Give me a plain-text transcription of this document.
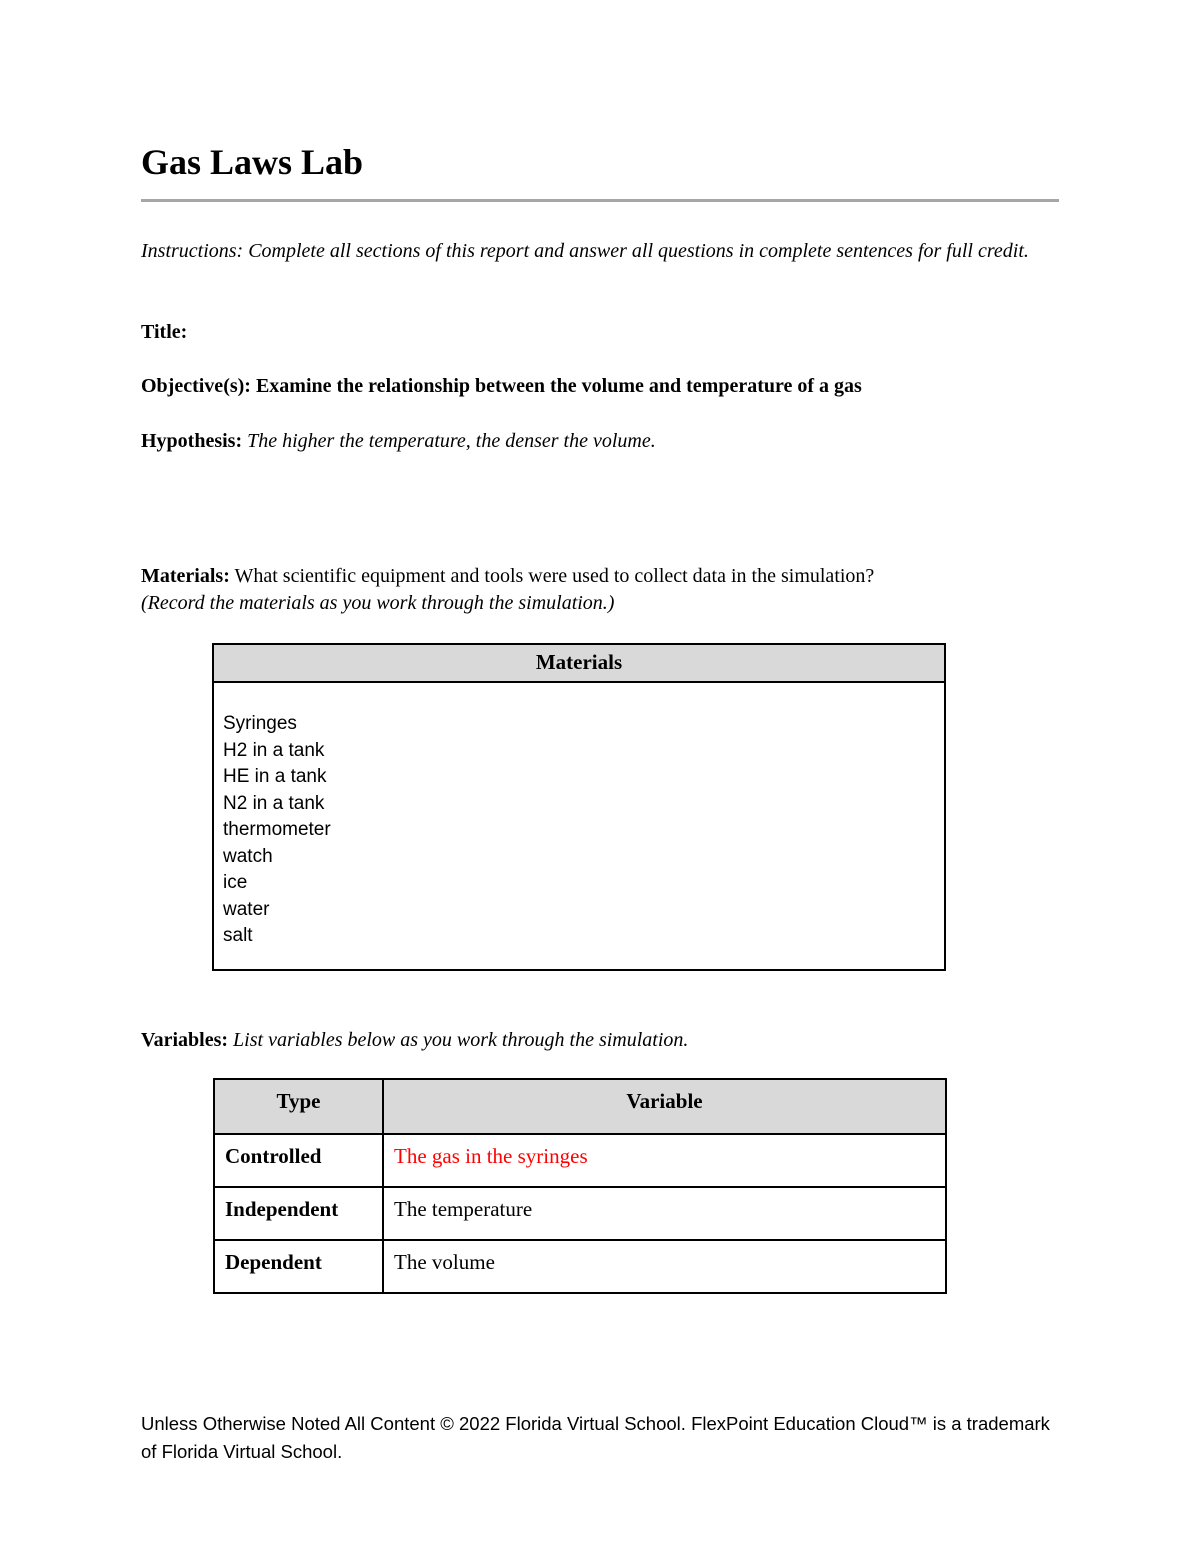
Gas Laws Lab

Instructions: Complete all sections of this report and answer all questions in complete sentences for full credit.

Title:

Objective(s): Examine the relationship between the volume and temperature of a gas

Hypothesis: The higher the temperature, the denser the volume.

Materials: What scientific equipment and tools were used to collect data in the simulation?
(Record the materials as you work through the simulation.)

Materials
Syringes
H2 in a tank
HE in a tank
N2 in a tank
thermometer
watch
ice
water
salt

Variables: List variables below as you work through the simulation.

Type	Variable
Controlled	The gas in the syringes
Independent	The temperature
Dependent	The volume

Unless Otherwise Noted All Content © 2022 Florida Virtual School. FlexPoint Education Cloud™ is a trademark of Florida Virtual School.
